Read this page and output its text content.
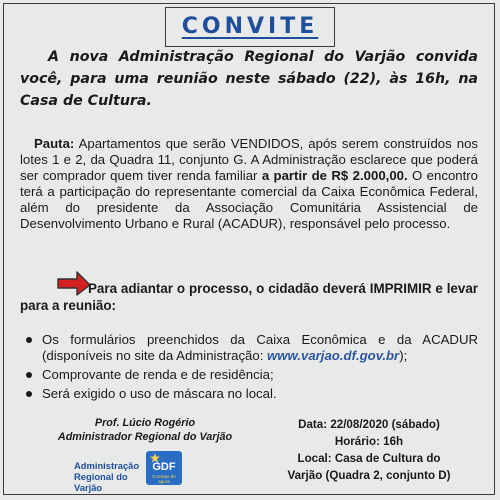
CONVITE
A nova Administração Regional do Varjão convida você, para uma reunião neste sábado (22), às 16h, na Casa de Cultura.
Pauta: Apartamentos que serão VENDIDOS, após serem construídos nos lotes 1 e 2, da Quadra 11, conjunto G. A Administração esclarece que poderá ser comprador quem tiver renda familiar a partir de R$ 2.000,00. O encontro terá a participação do representante comercial da Caixa Econômica Federal, além do presidente da Associação Comunitária Assistencial de Desenvolvimento Urbano e Rural (ACADUR), responsável pelo processo.
Para adiantar o processo, o cidadão deverá IMPRIMIR e levar para a reunião:
Os formulários preenchidos da Caixa Econômica e da ACADUR (disponíveis no site da Administração: www.varjao.df.gov.br);
Comprovante de renda e de residência;
Será exigido o uso de máscara no local.
Prof. Lúcio Rogério
Administrador Regional do Varjão
Data: 22/08/2020 (sábado)
Horário: 16h
Local: Casa de Cultura do
Varjão (Quadra 2, conjunto D)
Administração
Regional do Varjão
GDF
O tempo do agora
